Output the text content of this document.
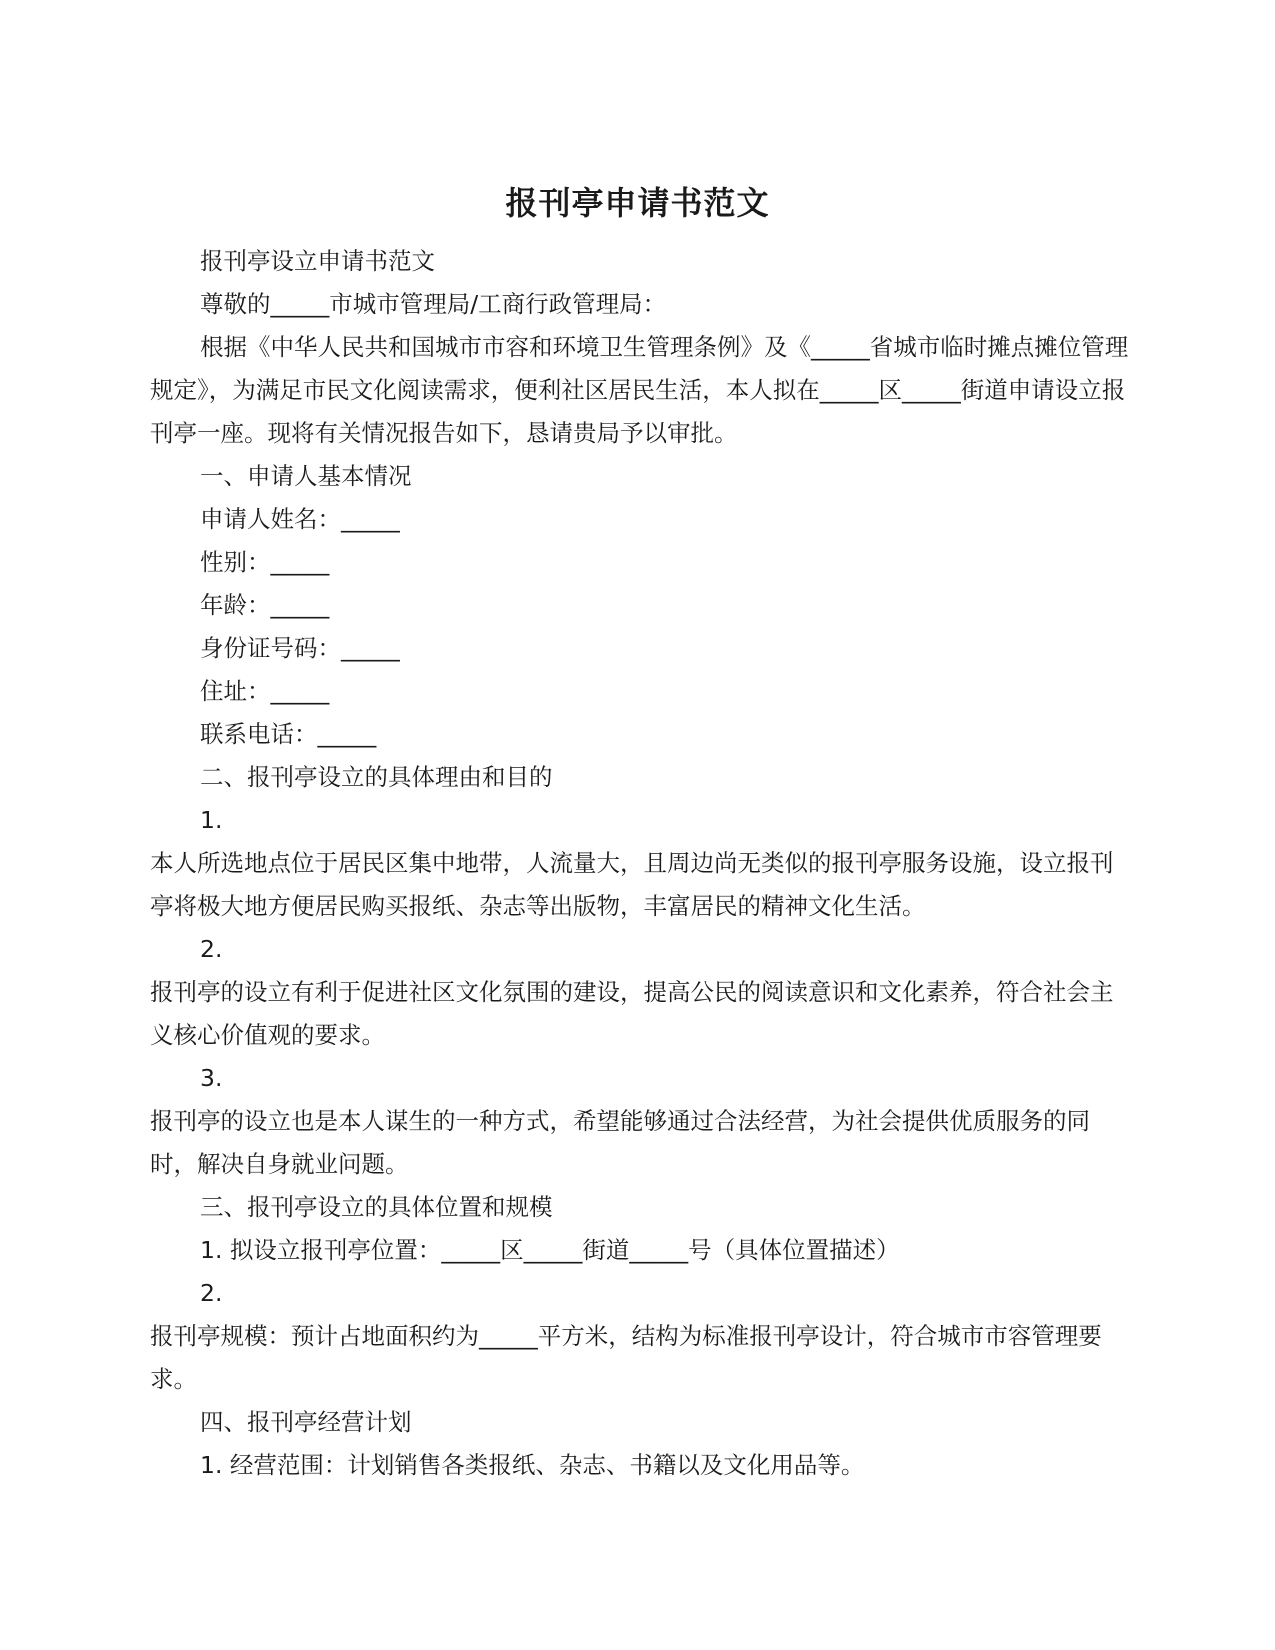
报刊亭申请书范文

报刊亭设立申请书范文

尊敬的_____市城市管理局/工商行政管理局：

根据《中华人民共和国城市市容和环境卫生管理条例》及《_____省城市临时摊点摊位管理规定》，为满足市民文化阅读需求，便利社区居民生活，本人拟在_____区_____街道申请设立报刊亭一座。现将有关情况报告如下，恳请贵局予以审批。

一、申请人基本情况

申请人姓名：_____

性别：_____

年龄：_____

身份证号码：_____

住址：_____

联系电话：_____

二、报刊亭设立的具体理由和目的

1.

本人所选地点位于居民区集中地带，人流量大，且周边尚无类似的报刊亭服务设施，设立报刊亭将极大地方便居民购买报纸、杂志等出版物，丰富居民的精神文化生活。

2.

报刊亭的设立有利于促进社区文化氛围的建设，提高公民的阅读意识和文化素养，符合社会主义核心价值观的要求。

3.

报刊亭的设立也是本人谋生的一种方式，希望能够通过合法经营，为社会提供优质服务的同时，解决自身就业问题。

三、报刊亭设立的具体位置和规模

1. 拟设立报刊亭位置：_____区_____街道_____号（具体位置描述）

2.

报刊亭规模：预计占地面积约为_____平方米，结构为标准报刊亭设计，符合城市市容管理要求。

四、报刊亭经营计划

1. 经营范围：计划销售各类报纸、杂志、书籍以及文化用品等。
